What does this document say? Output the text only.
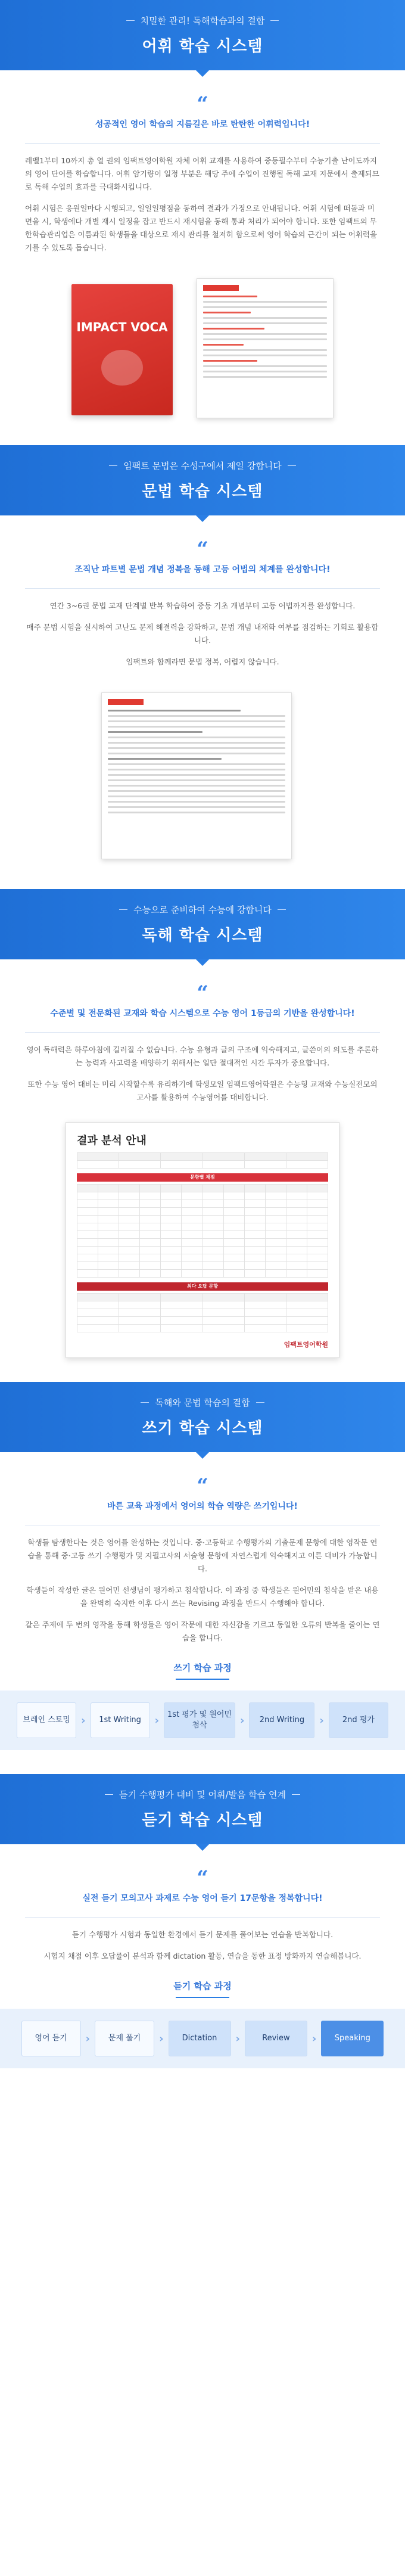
치밀한 관리! 독해학습과의 결합
어휘 학습 시스템
“
성공적인 영어 학습의 지름길은 바로 탄탄한 어휘력입니다!

레벨1부터 10까지 총 열 권의 임팩트영어학원 자체 어휘 교재를 사용하여 중등필수부터 수능기출 난이도까지의 영어 단어를 학습합니다. 어휘 암기량이 일정 부분은 해당 주에 수업이 진행될 독해 교재 지문에서 출제되므로 독해 수업의 효과를 극대화시킵니다.

어휘 시험은 응원일마다 시행되고, 일일일평점을 동하여 결과가 가정으로 안내됩니다. 어휘 시험에 떠돌과 미면을 시, 학생에다 개별 재시 일정을 잡고 반드시 재시험을 동해 통과 처리가 되어야 합니다. 또한 임팩트의 무한학습관리업은 이름과된 학생들을 대상으로 재시 관리를 철저히 함으로써 영어 학습의 근간이 되는 어휘력을 기를 수 있도록 돕습니다.

IMPACT VOCA
임팩트 문법은 수성구에서 제일 강합니다
문법 학습 시스템
“
조직난 파트별 문법 개념 정복을 동해 고등 어법의 체계를 완성합니다!

연간 3~6권 문법 교재 단계별 반복 학습하여 중등 기초 개념부터 고등 어법까지를 완성합니다.

매주 문법 시험을 실시하여 고난도 문제 해결력을 강화하고, 문법 개념 내재화 여부를 점검하는 기회로 활용합니다.

임팩트와 함께라면 문법 정복, 어렵지 않습니다.

수능으로 준비하여 수능에 강합니다
독해 학습 시스템
“
수준별 및 전문화된 교재와 학습 시스템으로 수능 영어 1등급의 기반을 완성합니다!

영어 독해력은 하루아침에 길러질 수 없습니다. 수능 유형과 글의 구조에 익숙해지고, 글쓴이의 의도를 추론하는 능력과 사고력을 배양하기 위해서는 일단 절대적인 시간 투자가 중요합니다.

또한 수능 영어 대비는 미리 시작할수록 유리하기에 학생모일 임팩트영어학원은 수능형 교재와 수능실전모의고사를 활용하여 수능영어를 대비합니다.

결과 분석 안내

문항별 채점

최다 오답 문항

임팩트영어학원
독해와 문법 학습의 결합
쓰기 학습 시스템
“
바른 교육 과정에서 영어의 학습 역량은 쓰기입니다!

학생들 탐생한다는 것은 영어를 완성하는 것입니다. 중·고등학교 수행평가의 기출문제 문항에 대한 영작문 연습을 통해 중·고등 쓰기 수행평가 및 지필고사의 서술형 문항에 자연스럽게 익숙해지고 이른 대비가 가능합니다.

학생들이 작성한 글은 원어민 선생님이 평가하고 첨삭합니다. 이 과정 중 학생들은 원어민의 첨삭을 받은 내용을 완벽히 숙지한 이후 다시 쓰는 Revising 과정을 반드시 수행해야 합니다.

같은 주제에 두 번의 영작을 동해 학생들은 영어 작문에 대한 자신감을 기르고 동일한 오류의 반복을 줄이는 연습을 합니다.

쓰기 학습 과정
브레인 스토밍	›	1st Writing	›	1st 평가 및 원어민 첨삭	›	2nd Writing	›	2nd 평가
듣기 수행평가 대비 및 어휘/발음 학습 연계
듣기 학습 시스템
“
실전 듣기 모의고사 과제로 수능 영어 듣기 17문항을 정복합니다!

듣기 수행평가 시험과 동일한 환경에서 듣기 문제를 풀어보는 연습을 반복합니다.

시험지 채점 이후 오답률이 분석과 함께 dictation 활동, 연습을 동한 표정 방화까지 연습해봅니다.

듣기 학습 과정
영어 듣기	›	문제 풀기	›	Dictation	›	Review	›	Speaking
